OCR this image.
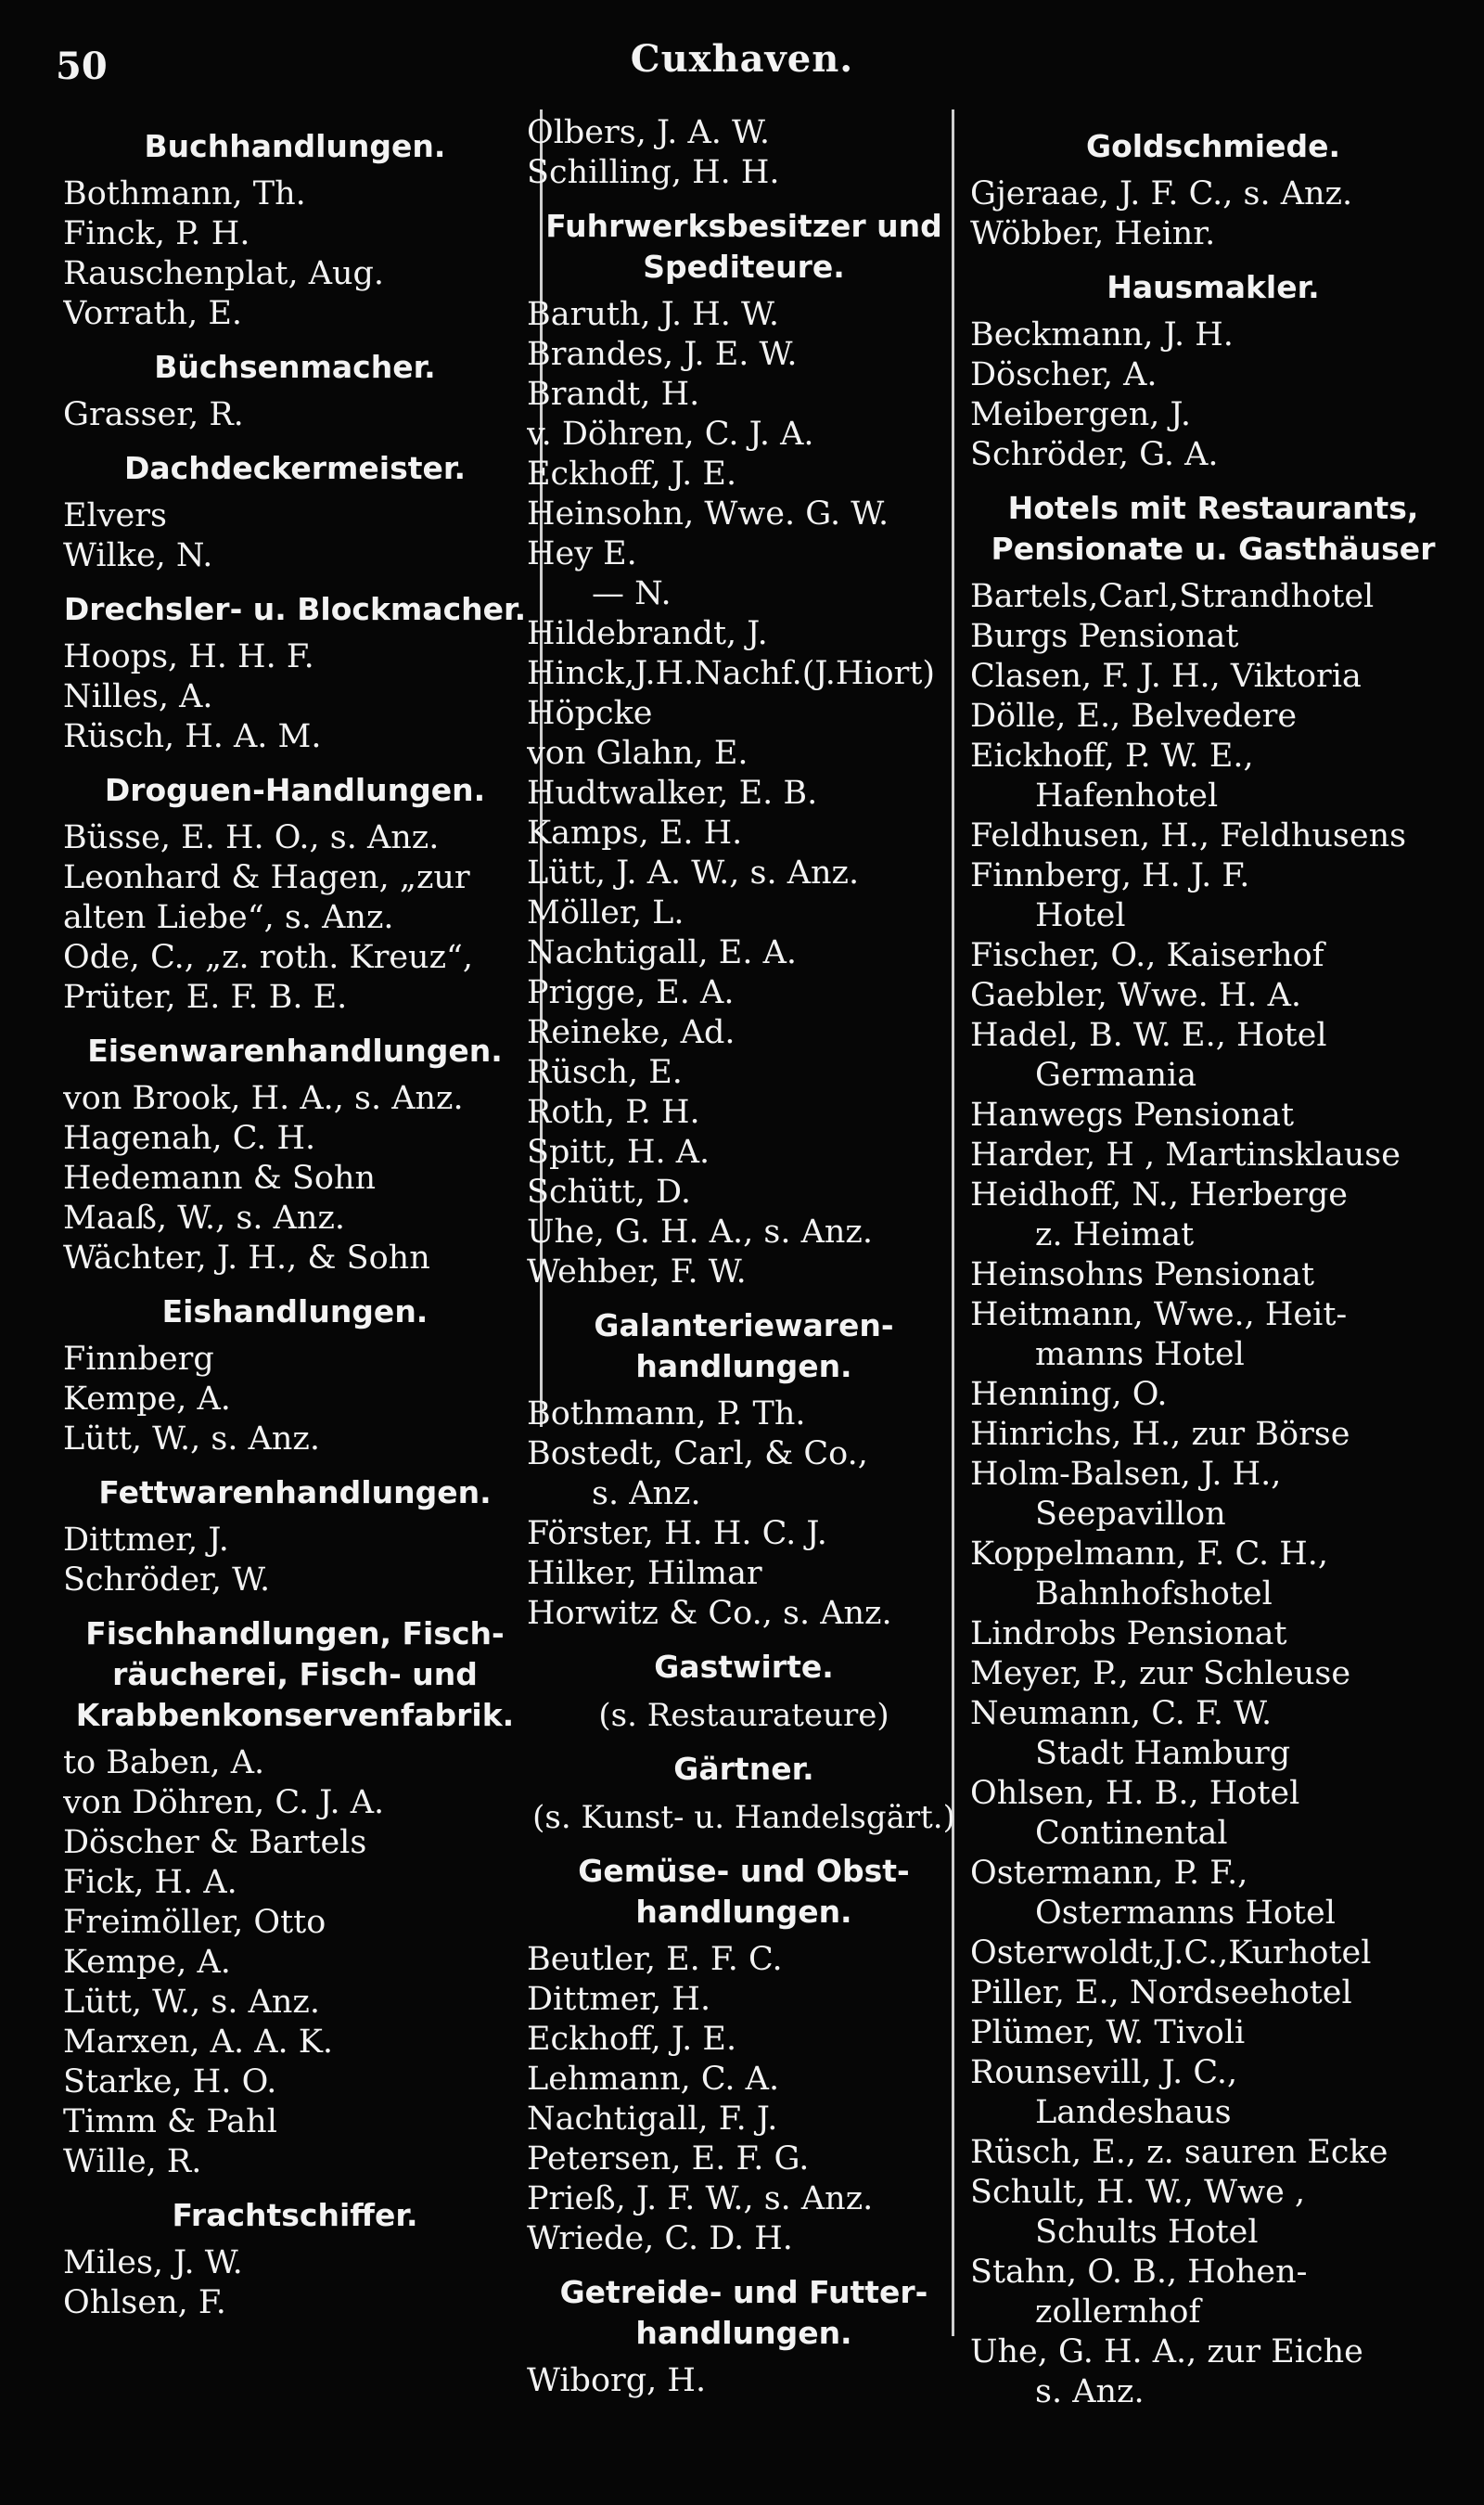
50	Cuxhaven.
Buchhandlungen.
Bothmann, Th.
Finck, P. H.
Rauschenplat, Aug.
Vorrath, E.
Büchsenmacher.
Grasser, R.
Dachdeckermeister.
Elvers
Wilke, N.
Drechsler- u. Blockmacher.
Hoops, H. H. F.
Nilles, A.
Rüsch, H. A. M.
Droguen-Handlungen.
Büsse, E. H. O., s. Anz.
Leonhard & Hagen, „zur
alten Liebe“, s. Anz.
Ode, C., „z. roth. Kreuz“,
Prüter, E. F. B. E.
Eisenwarenhandlungen.
von Brook, H. A., s. Anz.
Hagenah, C. H.
Hedemann & Sohn
Maaß, W., s. Anz.
Wächter, J. H., & Sohn
Eishandlungen.
Finnberg
Kempe, A.
Lütt, W., s. Anz.
Fettwarenhandlungen.
Dittmer, J.
Schröder, W.
Fischhandlungen, Fisch-räucherei, Fisch- und Krabbenkonservenfabrik.
to Baben, A.
von Döhren, C. J. A.
Döscher & Bartels
Fick, H. A.
Freimöller, Otto
Kempe, A.
Lütt, W., s. Anz.
Marxen, A. A. K.
Starke, H. O.
Timm & Pahl
Wille, R.
Frachtschiffer.
Miles, J. W.
Ohlsen, F.
Olbers, J. A. W.
Schilling, H. H.
Fuhrwerksbesitzer und Spediteure.
Baruth, J. H. W.
Brandes, J. E. W.
Brandt, H.
v. Döhren, C. J. A.
Eckhoff, J. E.
Heinsohn, Wwe. G. W.
Hey E.
— N.
Hildebrandt, J.
Hinck,J.H.Nachf.(J.Hiort)
Höpcke
von Glahn, E.
Hudtwalker, E. B.
Kamps, E. H.
Lütt, J. A. W., s. Anz.
Möller, L.
Nachtigall, E. A.
Prigge, E. A.
Reineke, Ad.
Rüsch, E.
Roth, P. H.
Spitt, H. A.
Schütt, D.
Uhe, G. H. A., s. Anz.
Wehber, F. W.
Galanteriewaren-handlungen.
Bothmann, P. Th.
Bostedt, Carl, & Co.,
s. Anz.
Förster, H. H. C. J.
Hilker, Hilmar
Horwitz & Co., s. Anz.
Gastwirte.
(s. Restaurateure)
Gärtner.
(s. Kunst- u. Handelsgärt.)
Gemüse- und Obst-handlungen.
Beutler, E. F. C.
Dittmer, H.
Eckhoff, J. E.
Lehmann, C. A.
Nachtigall, F. J.
Petersen, E. F. G.
Prieß, J. F. W., s. Anz.
Wriede, C. D. H.
Getreide- und Futter-handlungen.
Wiborg, H.
Goldschmiede.
Gjeraae, J. F. C., s. Anz.
Wöbber, Heinr.
Hausmakler.
Beckmann, J. H.
Döscher, A.
Meibergen, J.
Schröder, G. A.
Hotels mit Restaurants, Pensionate u. Gasthäuser
Bartels,Carl,Strandhotel
Burgs Pensionat
Clasen, F. J. H., Viktoria
Dölle, E., Belvedere
Eickhoff, P. W. E.,
Hafenhotel
Feldhusen, H., Feldhusens
Finnberg, H. J. F.
Hotel
Fischer, O., Kaiserhof
Gaebler, Wwe. H. A.
Hadel, B. W. E., Hotel
Germania
Hanwegs Pensionat
Harder, H , Martinsklause
Heidhoff, N., Herberge
z. Heimat
Heinsohns Pensionat
Heitmann, Wwe., Heit-
manns Hotel
Henning, O.
Hinrichs, H., zur Börse
Holm-Balsen, J. H.,
Seepavillon
Koppelmann, F. C. H.,
Bahnhofshotel
Lindrobs Pensionat
Meyer, P., zur Schleuse
Neumann, C. F. W.
Stadt Hamburg
Ohlsen, H. B., Hotel
Continental
Ostermann, P. F.,
Ostermanns Hotel
Osterwoldt,J.C.,Kurhotel
Piller, E., Nordseehotel
Plümer, W. Tivoli
Rounsevill, J. C.,
Landeshaus
Rüsch, E., z. sauren Ecke
Schult, H. W., Wwe ,
Schults Hotel
Stahn, O. B., Hohen-
zollernhof
Uhe, G. H. A., zur Eiche
s. Anz.
